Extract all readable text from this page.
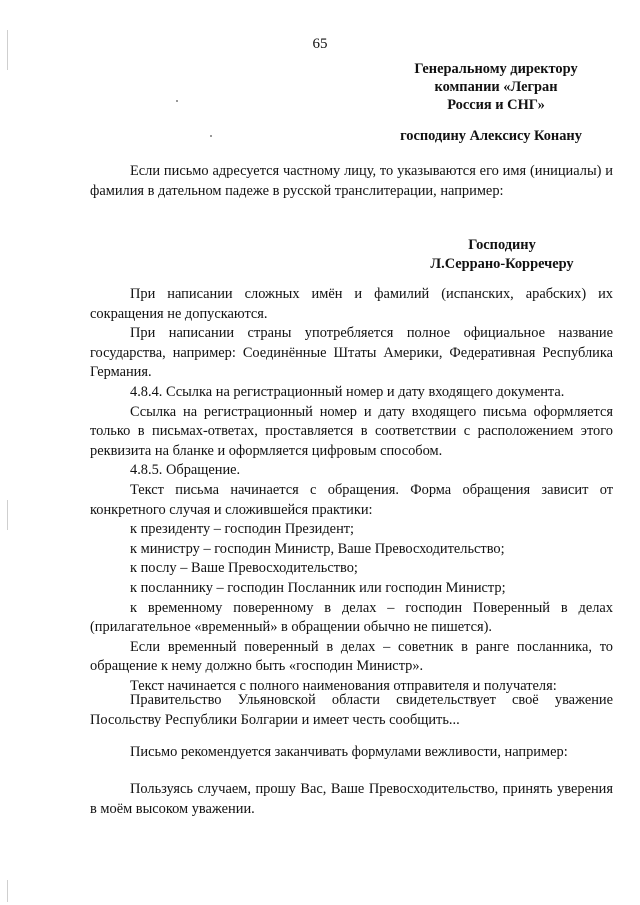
65
Генеральному директору
компании «Легран
Россия и СНГ»
господину Алексису Конану

Если письмо адресуется частному лицу, то указываются его имя (инициалы) и фамилия в дательном падеже в русской транслитерации, например:

Господину
Л.Серрано-Корречеру

При написании сложных имён и фамилий (испанских, арабских) их сокращения не допускаются.

При написании страны употребляется полное официальное название государства, например: Соединённые Штаты Америки, Федеративная Республика Германия.

4.8.4. Ссылка на регистрационный номер и дату входящего документа.

Ссылка на регистрационный номер и дату входящего письма оформляется только в письмах-ответах, проставляется в соответствии с расположением этого реквизита на бланке и оформляется цифровым способом.

4.8.5. Обращение.

Текст письма начинается с обращения. Форма обращения зависит от конкретного случая и сложившейся практики:

к президенту – господин Президент;

к министру – господин Министр, Ваше Превосходительство;

к послу – Ваше Превосходительство;

к посланнику – господин Посланник или господин Министр;

к временному поверенному в делах – господин Поверенный в делах (прилагательное «временный» в обращении обычно не пишется).

Если временный поверенный в делах – советник в ранге посланника, то обращение к нему должно быть «господин Министр».

Текст начинается с полного наименования отправителя и получателя:

Правительство Ульяновской области свидетельствует своё уважение Посольству Республики Болгарии и имеет честь сообщить...

Письмо рекомендуется заканчивать формулами вежливости, например:

Пользуясь случаем, прошу Вас, Ваше Превосходительство, принять уверения в моём высоком уважении.
